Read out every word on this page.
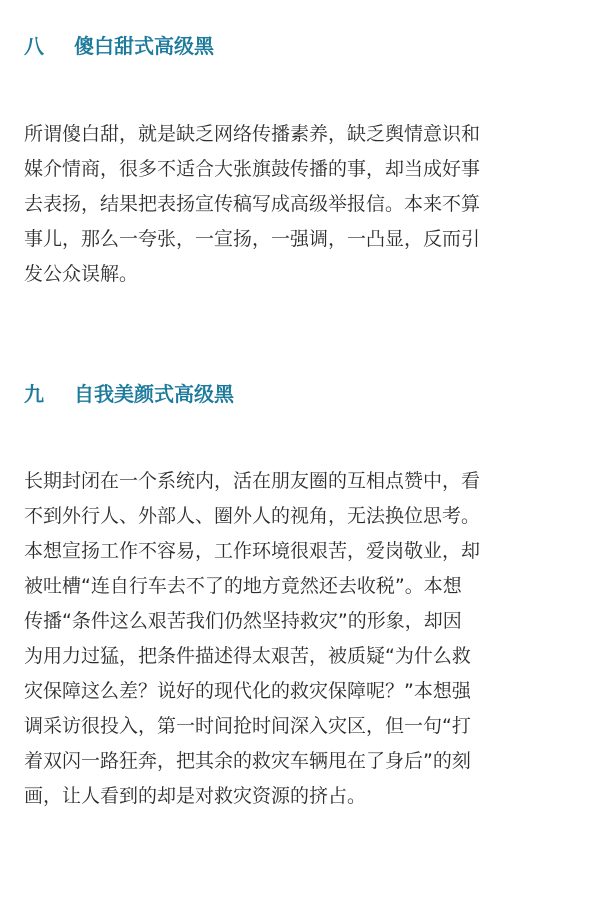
八 傻白甜式高级黑

所谓傻白甜，就是缺乏网络传播素养，缺乏舆情意识和
媒介情商，很多不适合大张旗鼓传播的事，却当成好事
去表扬，结果把表扬宣传稿写成高级举报信。本来不算
事儿，那么一夸张，一宣扬，一强调，一凸显，反而引
发公众误解。

九 自我美颜式高级黑

长期封闭在一个系统内，活在朋友圈的互相点赞中，看
不到外行人、外部人、圈外人的视角，无法换位思考。
本想宣扬工作不容易，工作环境很艰苦，爱岗敬业，却
被吐槽“连自行车去不了的地方竟然还去收税”。本想
传播“条件这么艰苦我们仍然坚持救灾”的形象，却因
为用力过猛，把条件描述得太艰苦，被质疑“为什么救
灾保障这么差？说好的现代化的救灾保障呢？”本想强
调采访很投入，第一时间抢时间深入灾区，但一句“打
着双闪一路狂奔，把其余的救灾车辆甩在了身后”的刻
画，让人看到的却是对救灾资源的挤占。
